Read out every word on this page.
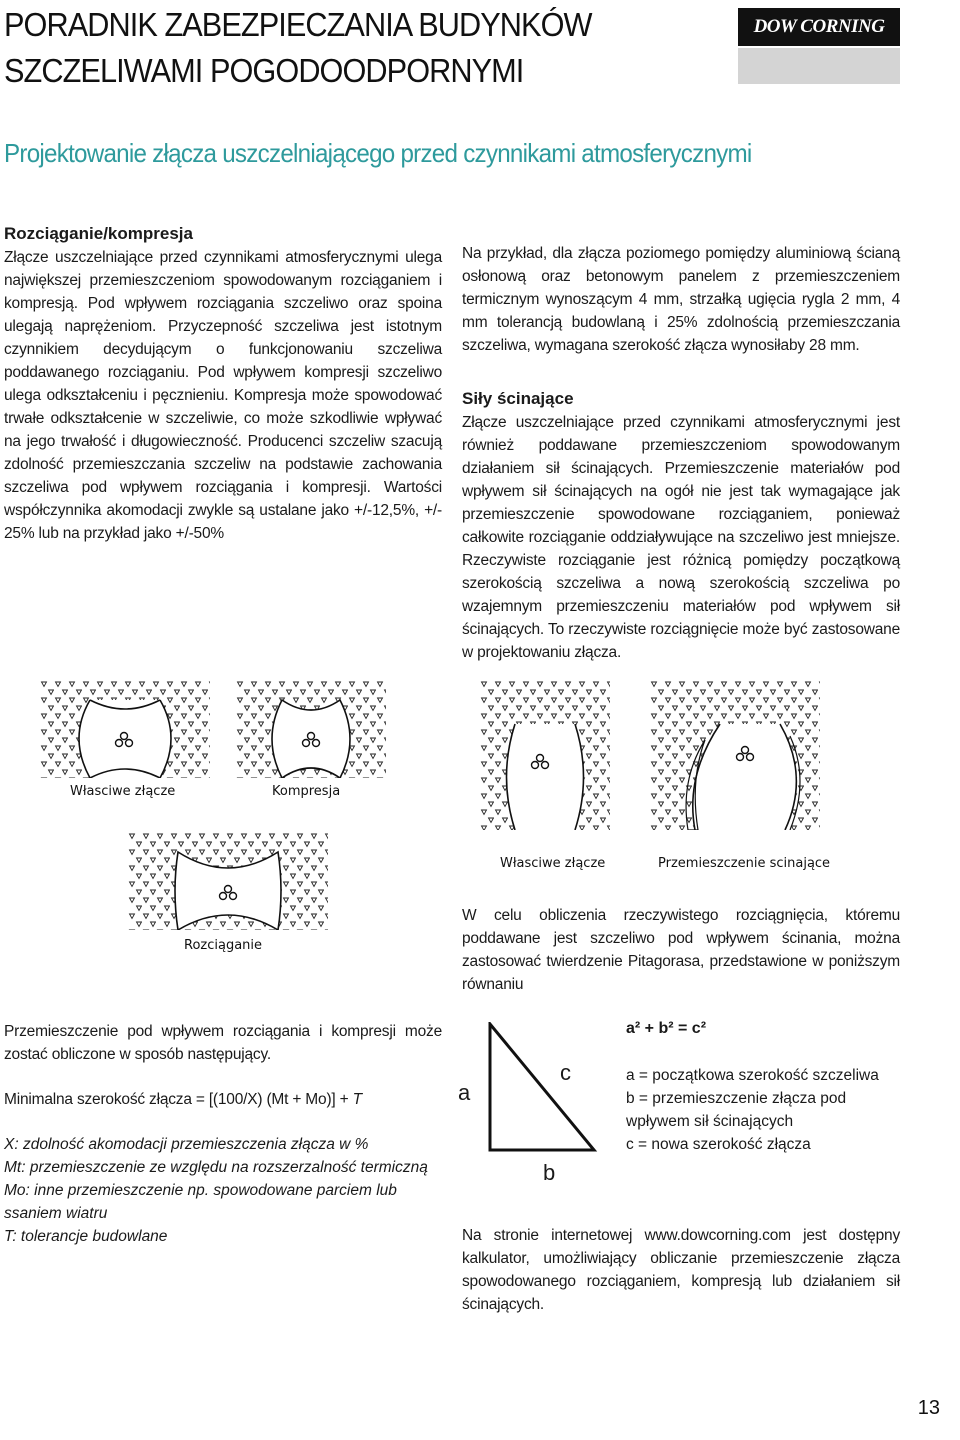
PORADNIK ZABEZPIECZANIA BUDYNKÓW
SZCZELIWAMI POGODOODPORNYMI
DOW CORNING
Projektowanie złącza uszczelniającego przed czynnikami atmosferycznymi

Rozciąganie/kompresja

Złącze uszczelniające przed czynnikami atmosferycznymi ulega największej przemieszczeniom spowodowanym rozciąganiem i kompresją. Pod wpływem rozciągania szczeliwo oraz spoina ulegają naprężeniom. Przyczepność szczeliwa jest istotnym czynnikiem decydującym o funkcjonowaniu szczeliwa poddawanego rozciąganiu. Pod wpływem kompresji szczeliwo ulega odkształceniu i pęcznieniu. Kompresja może spowodować trwałe odkształcenie w szczeliwie, co może szkodliwie wpływać na jego trwałość i długowieczność. Producenci szczeliw szacują zdolność przemieszczania szczeliw na podstawie zachowania szczeliwa pod wpływem rozciągania i kompresji. Wartości współczynnika akomodacji zwykle są ustalane jako +/-12,5%, +/- 25% lub na przykład jako +/-50%

Na przykład, dla złącza poziomego pomiędzy aluminiową ścianą osłonową oraz betonowym panelem z przemieszczeniem termicznym wynoszącym 4 mm, strzałką ugięcia rygla 2 mm, 4 mm tolerancją budowlaną i 25% zdolnością przemieszczania szczeliwa, wymagana szerokość złącza wynosiłaby 28 mm.

Siły ścinające

Złącze uszczelniające przed czynnikami atmosferycznymi jest również poddawane przemieszczeniom spowodowanym działaniem sił ścinających. Przemieszczenie materiałów pod wpływem sił ścinających na ogół nie jest tak wymagające jak przemieszczenie spowodowane rozciąganiem, ponieważ całkowite rozciąganie oddziaływujące na szczeliwo jest mniejsze. Rzeczywiste rozciąganie jest różnicą pomiędzy początkową szerokością szczeliwa a nową szerokością szczeliwa po wzajemnym przemieszczeniu materiałów pod wpływem sił ścinających. To rzeczywiste rozciągnięcie może być zastosowane w projektowaniu złącza.

Własciwe złącze	Kompresja
Rozciąganie
Własciwe złącze	Przemieszczenie scinające

W celu obliczenia rzeczywistego rozciągnięcia, któremu poddawane jest szczeliwo pod wpływem ścinania, można zastosować twierdzenie Pitagorasa, przedstawione w poniższym równaniu

Przemieszczenie pod wpływem rozciągania i kompresji może zostać obliczone w sposób następujący.

Minimalna szerokość złącza = [(100/X) (Mt + Mo)] + T

X: zdolność akomodacji przemieszczenia złącza w %

Mt: przemieszczenie ze względu na rozszerzalność termiczną

Mo: inne przemieszczenie np. spowodowane parciem lub

ssaniem wiatru

T: tolerancje budowlane

a
c
b
a² + b² = c²

a = początkowa szerokość szczeliwa

b = przemieszczenie złącza pod

wpływem sił ścinających

c = nowa szerokość złącza

Na stronie internetowej www.dowcorning.com jest dostępny kalkulator, umożliwiający obliczanie przemieszczenie złącza spowodowanego rozciąganiem, kompresją lub działaniem sił ścinających.

13
